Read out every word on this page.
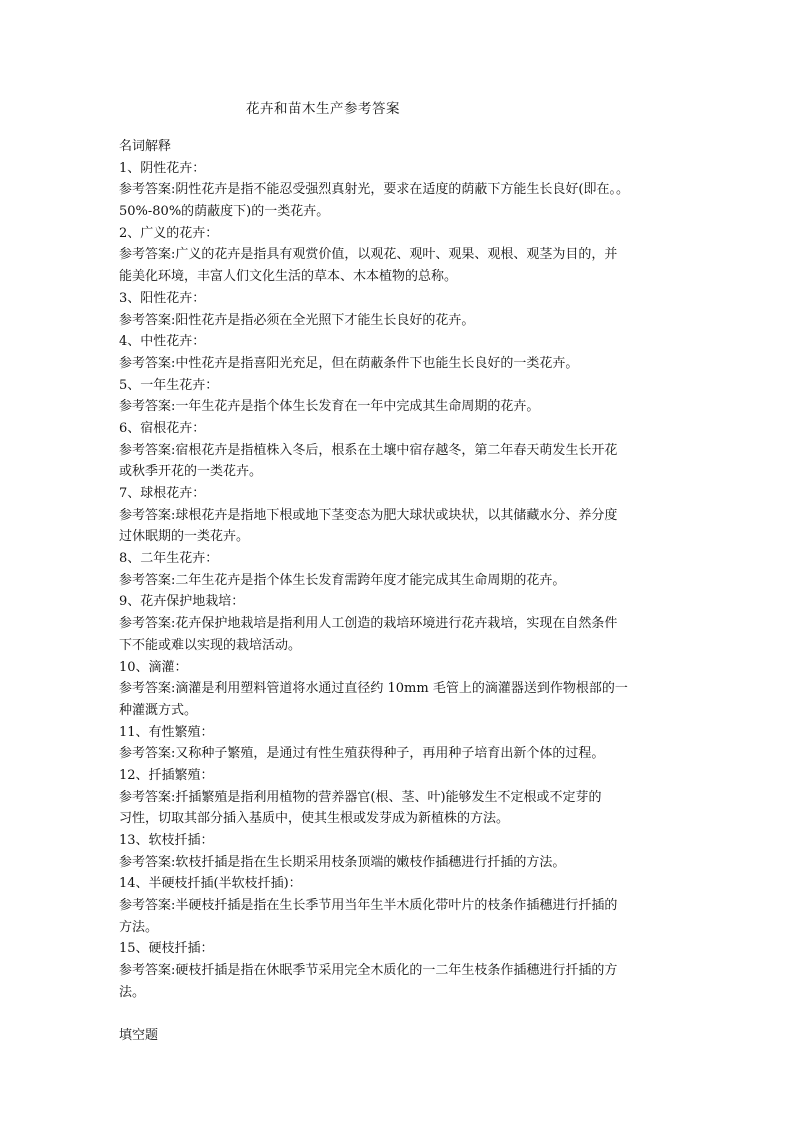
花卉和苗木生产参考答案
名词解释
1、阴性花卉：
参考答案:阴性花卉是指不能忍受强烈真射光，要求在适度的荫蔽下方能生长良好(即在。。
50%-80%的荫蔽度下)的一类花卉。
2、广义的花卉：
参考答案:广义的花卉是指具有观赏价值，以观花、观叶、观果、观根、观茎为目的，并
能美化环境，丰富人们文化生活的草本、木本植物的总称。
3、阳性花卉：
参考答案:阳性花卉是指必须在全光照下才能生长良好的花卉。
4、中性花卉：
参考答案:中性花卉是指喜阳光充足，但在荫蔽条件下也能生长良好的一类花卉。
5、一年生花卉：
参考答案:一年生花卉是指个体生长发育在一年中完成其生命周期的花卉。
6、宿根花卉：
参考答案:宿根花卉是指植株入冬后，根系在土壤中宿存越冬，第二年春天萌发生长开花
或秋季开花的一类花卉。
7、球根花卉：
参考答案:球根花卉是指地下根或地下茎变态为肥大球状或块状，以其储藏水分、养分度
过休眠期的一类花卉。
8、二年生花卉：
参考答案:二年生花卉是指个体生长发育需跨年度才能完成其生命周期的花卉。
9、花卉保护地栽培：
参考答案:花卉保护地栽培是指利用人工创造的栽培环境进行花卉栽培，实现在自然条件
下不能或难以实现的栽培活动。
10、滴灌：
参考答案:滴灌是利用塑料管道将水通过直径约 10mm 毛管上的滴灌器送到作物根部的一
种灌溉方式。
11、有性繁殖：
参考答案:又称种子繁殖，是通过有性生殖获得种子，再用种子培育出新个体的过程。
12、扦插繁殖：
参考答案:扦插繁殖是指利用植物的营养器官(根、茎、叶)能够发生不定根或不定芽的
习性，切取其部分插入基质中，使其生根或发芽成为新植株的方法。
13、软枝扦插：
参考答案:软枝扦插是指在生长期采用枝条顶端的嫩枝作插穗进行扦插的方法。
14、半硬枝扦插(半软枝扦插)：
参考答案:半硬枝扦插是指在生长季节用当年生半木质化带叶片的枝条作插穗进行扦插的
方法。
15、硬枝扦插：
参考答案:硬枝扦插是指在休眠季节采用完全木质化的一二年生枝条作插穗进行扦插的方
法。
填空题
